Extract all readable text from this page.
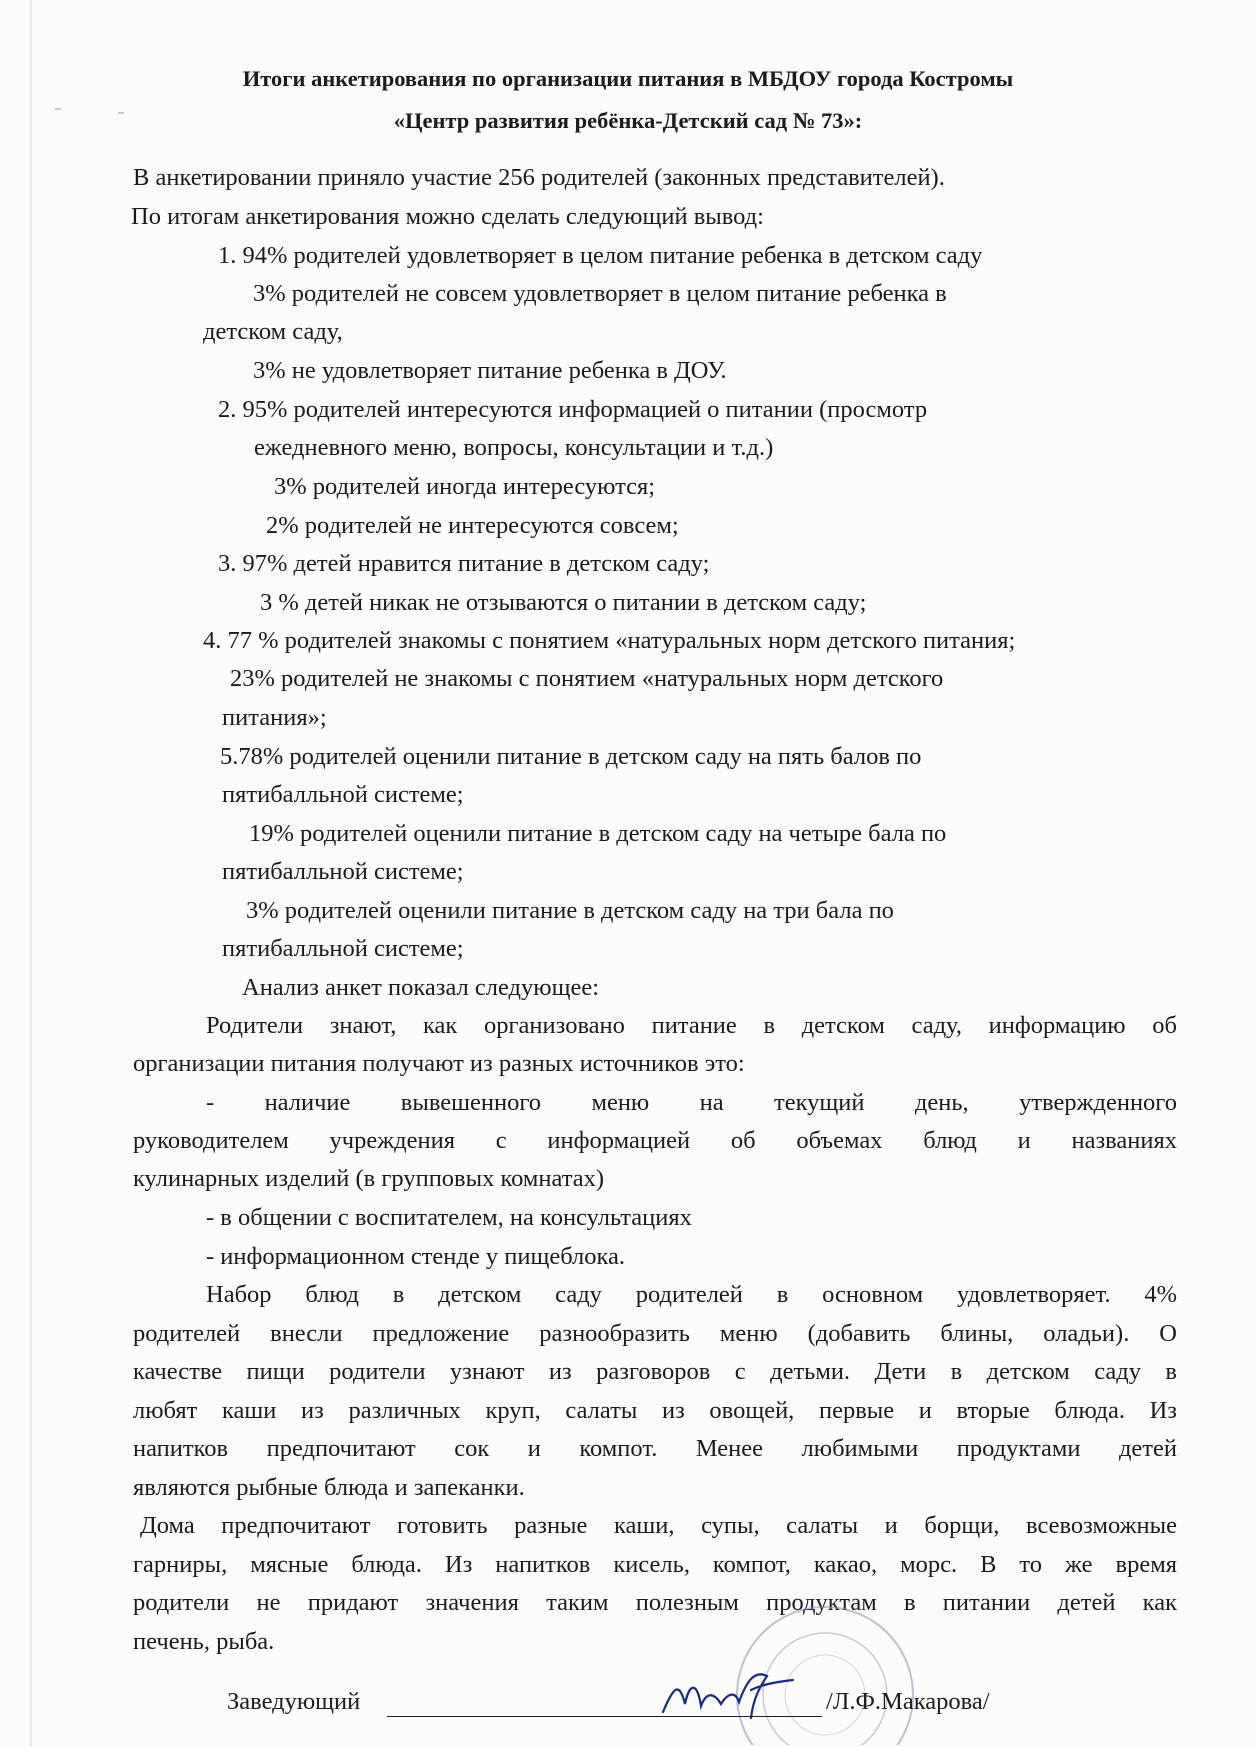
Итоги анкетирования по организации питания в МБДОУ города Костромы
«Центр развития ребёнка-Детский сад № 73»:
В анкетировании приняло участие 256 родителей (законных представителей).
По итогам анкетирования можно сделать следующий вывод:
1. 94% родителей удовлетворяет в целом питание ребенка в детском саду
3% родителей не совсем удовлетворяет в целом питание ребенка в
детском саду,
3% не удовлетворяет питание ребенка в ДОУ.
2. 95% родителей интересуются информацией о питании (просмотр
ежедневного меню, вопросы, консультации и т.д.)
3% родителей иногда интересуются;
2% родителей не интересуются совсем;
3. 97% детей нравится питание в детском саду;
3 % детей никак не отзываются о питании в детском саду;
4. 77 % родителей знакомы с понятием «натуральных норм детского питания;
23% родителей не знакомы с понятием «натуральных норм детского
питания»;
5.78% родителей оценили питание в детском саду на пять балов по
пятибалльной системе;
19% родителей оценили питание в детском саду на четыре бала по
пятибалльной системе;
3% родителей оценили питание в детском саду на три бала по
пятибалльной системе;
Анализ анкет показал следующее:
Родители знают, как организовано питание в детском саду, информацию об
организации питания получают из разных источников это:
- наличие вывешенного меню на текущий день, утвержденного
руководителем учреждения с информацией об объемах блюд и названиях
кулинарных изделий (в групповых комнатах)
- в общении с воспитателем, на консультациях
- информационном стенде у пищеблока.
Набор блюд в детском саду родителей в основном удовлетворяет. 4%
родителей внесли предложение разнообразить меню (добавить блины, оладьи). О
качестве пищи родители узнают из разговоров с детьми. Дети в детском саду в
любят каши из различных круп, салаты из овощей, первые и вторые блюда. Из
напитков предпочитают сок и компот. Менее любимыми продуктами детей
являются рыбные блюда и запеканки.
Дома предпочитают готовить разные каши, супы, салаты и борщи, всевозможные
гарниры, мясные блюда. Из напитков кисель, компот, какао, морс. В то же время
родители не придают значения таким полезным продуктам в питании детей как
печень, рыба.
Заведующий	/Л.Ф.Макарова/
